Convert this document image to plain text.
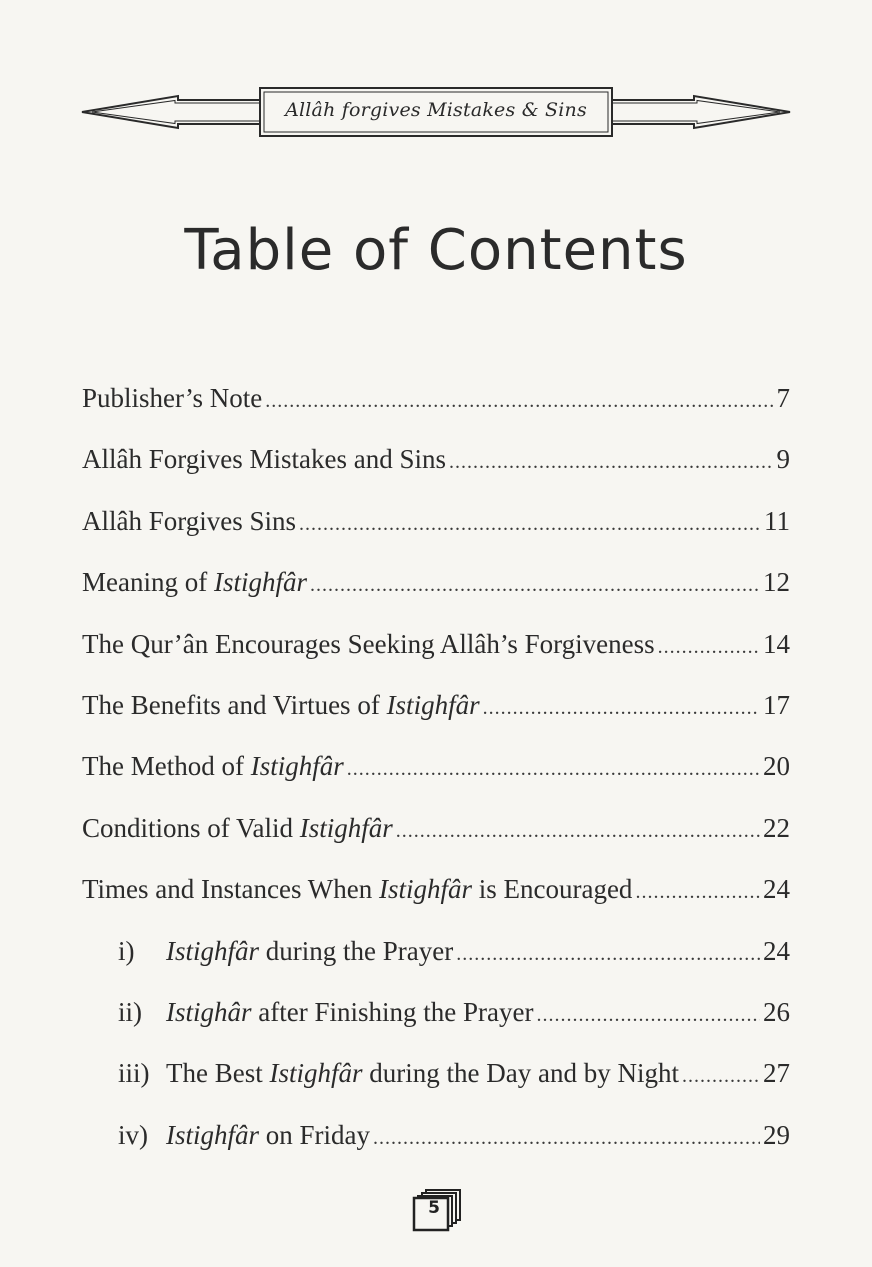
Allâh forgives Mistakes & Sins
Table of Contents
Publisher’s Note .....	7
Allâh Forgives Mistakes and Sins .....	9
Allâh Forgives Sins .....	11
Meaning of Istighfâr .....	12
The Qur’ân Encourages Seeking Allâh’s Forgiveness .....	14
The Benefits and Virtues of Istighfâr .....	17
The Method of Istighfâr .....	20
Conditions of Valid Istighfâr .....	22
Times and Instances When Istighfâr is Encouraged .....	24
i)	Istighfâr during the Prayer .....	24
ii) Istighâr after Finishing the Prayer .....	26
iii) The Best Istighfâr during the Day and by Night .....	27
iv) Istighfâr on Friday .....	29
5
